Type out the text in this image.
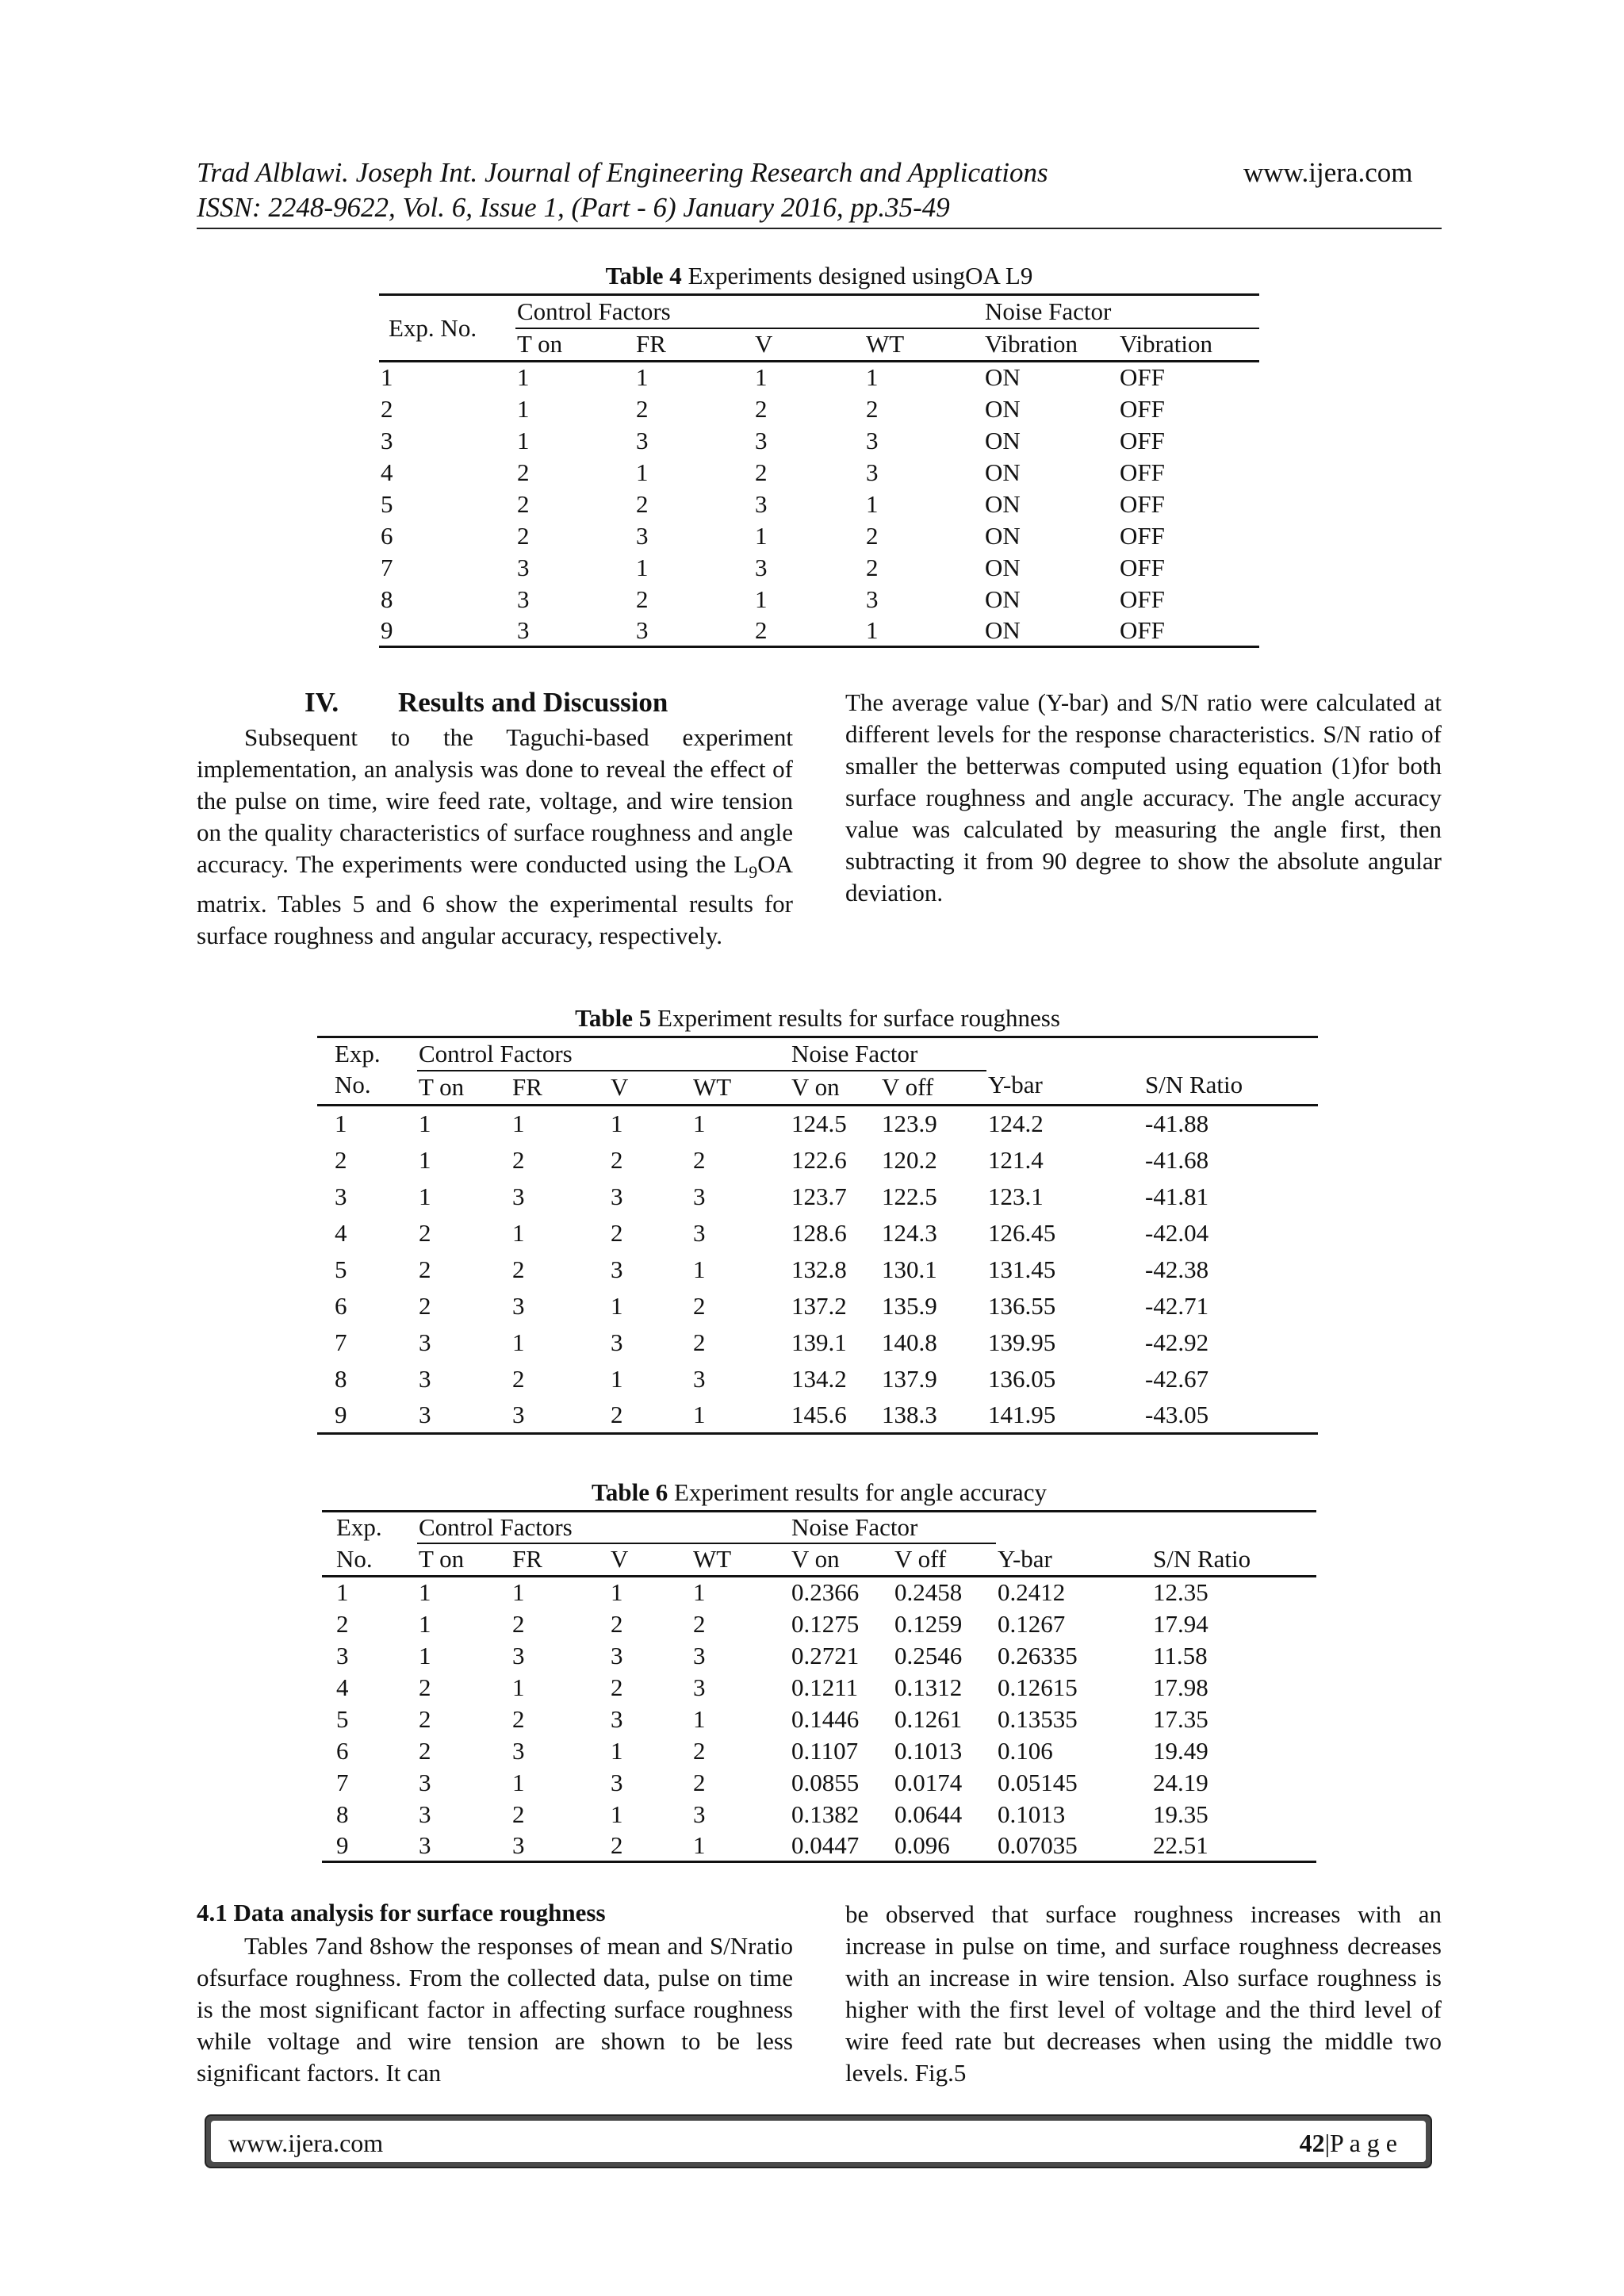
Trad Alblawi. Joseph Int. Journal of Engineering Research and Applications
ISSN: 2248-9622, Vol. 6, Issue 1, (Part - 6) January 2016, pp.35-49
www.ijera.com
Table 4 Experiments designed usingOA L9
Exp. No.	Control Factors				Noise Factor	
	T on	FR	V	WT	Vibration	Vibration
1	1	1	1	1	ON	OFF
2	1	2	2	2	ON	OFF
3	1	3	3	3	ON	OFF
4	2	1	2	3	ON	OFF
5	2	2	3	1	ON	OFF
6	2	3	1	2	ON	OFF
7	3	1	3	2	ON	OFF
8	3	2	1	3	ON	OFF
9	3	3	2	1	ON	OFF
IV. Results and Discussion

Subsequent to the Taguchi-based experiment implementation, an analysis was done to reveal the effect of the pulse on time, wire feed rate, voltage, and wire tension on the quality characteristics of surface roughness and angle accuracy. The experiments were conducted using the $L_9OA$ matrix. Tables 5 and 6 show the experimental results for surface roughness and angular accuracy, respectively.

The average value (Y-bar) and S/N ratio were calculated at different levels for the response characteristics. S/N ratio of smaller the betterwas computed using equation (1)for both surface roughness and angle accuracy. The angle accuracy value was calculated by measuring the angle first, then subtracting it from 90 degree to show the absolute angular deviation.

Table 5 Experiment results for surface roughness
Exp.	Control Factors				Noise Factor			
No.	T on	FR	V	WT	V on	V off	Y-bar	S/N Ratio
1	1	1	1	1	124.5	123.9	124.2	-41.88
2	1	2	2	2	122.6	120.2	121.4	-41.68
3	1	3	3	3	123.7	122.5	123.1	-41.81
4	2	1	2	3	128.6	124.3	126.45	-42.04
5	2	2	3	1	132.8	130.1	131.45	-42.38
6	2	3	1	2	137.2	135.9	136.55	-42.71
7	3	1	3	2	139.1	140.8	139.95	-42.92
8	3	2	1	3	134.2	137.9	136.05	-42.67
9	3	3	2	1	145.6	138.3	141.95	-43.05
Table 6 Experiment results for angle accuracy
Exp.	Control Factors				Noise Factor			
No.	T on	FR	V	WT	V on	V off	Y-bar	S/N Ratio
1	1	1	1	1	0.2366	0.2458	0.2412	12.35
2	1	2	2	2	0.1275	0.1259	0.1267	17.94
3	1	3	3	3	0.2721	0.2546	0.26335	11.58
4	2	1	2	3	0.1211	0.1312	0.12615	17.98
5	2	2	3	1	0.1446	0.1261	0.13535	17.35
6	2	3	1	2	0.1107	0.1013	0.106	19.49
7	3	1	3	2	0.0855	0.0174	0.05145	24.19
8	3	2	1	3	0.1382	0.0644	0.1013	19.35
9	3	3	2	1	0.0447	0.096	0.07035	22.51
4.1 Data analysis for surface roughness

Tables 7and 8show the responses of mean and S/Nratio ofsurface roughness. From the collected data, pulse on time is the most significant factor in affecting surface roughness while voltage and wire tension are shown to be less significant factors. It can

be observed that surface roughness increases with an increase in pulse on time, and surface roughness decreases with an increase in wire tension. Also surface roughness is higher with the first level of voltage and the third level of wire feed rate but decreases when using the middle two levels. Fig.5

www.ijera.com	42|P a g e
